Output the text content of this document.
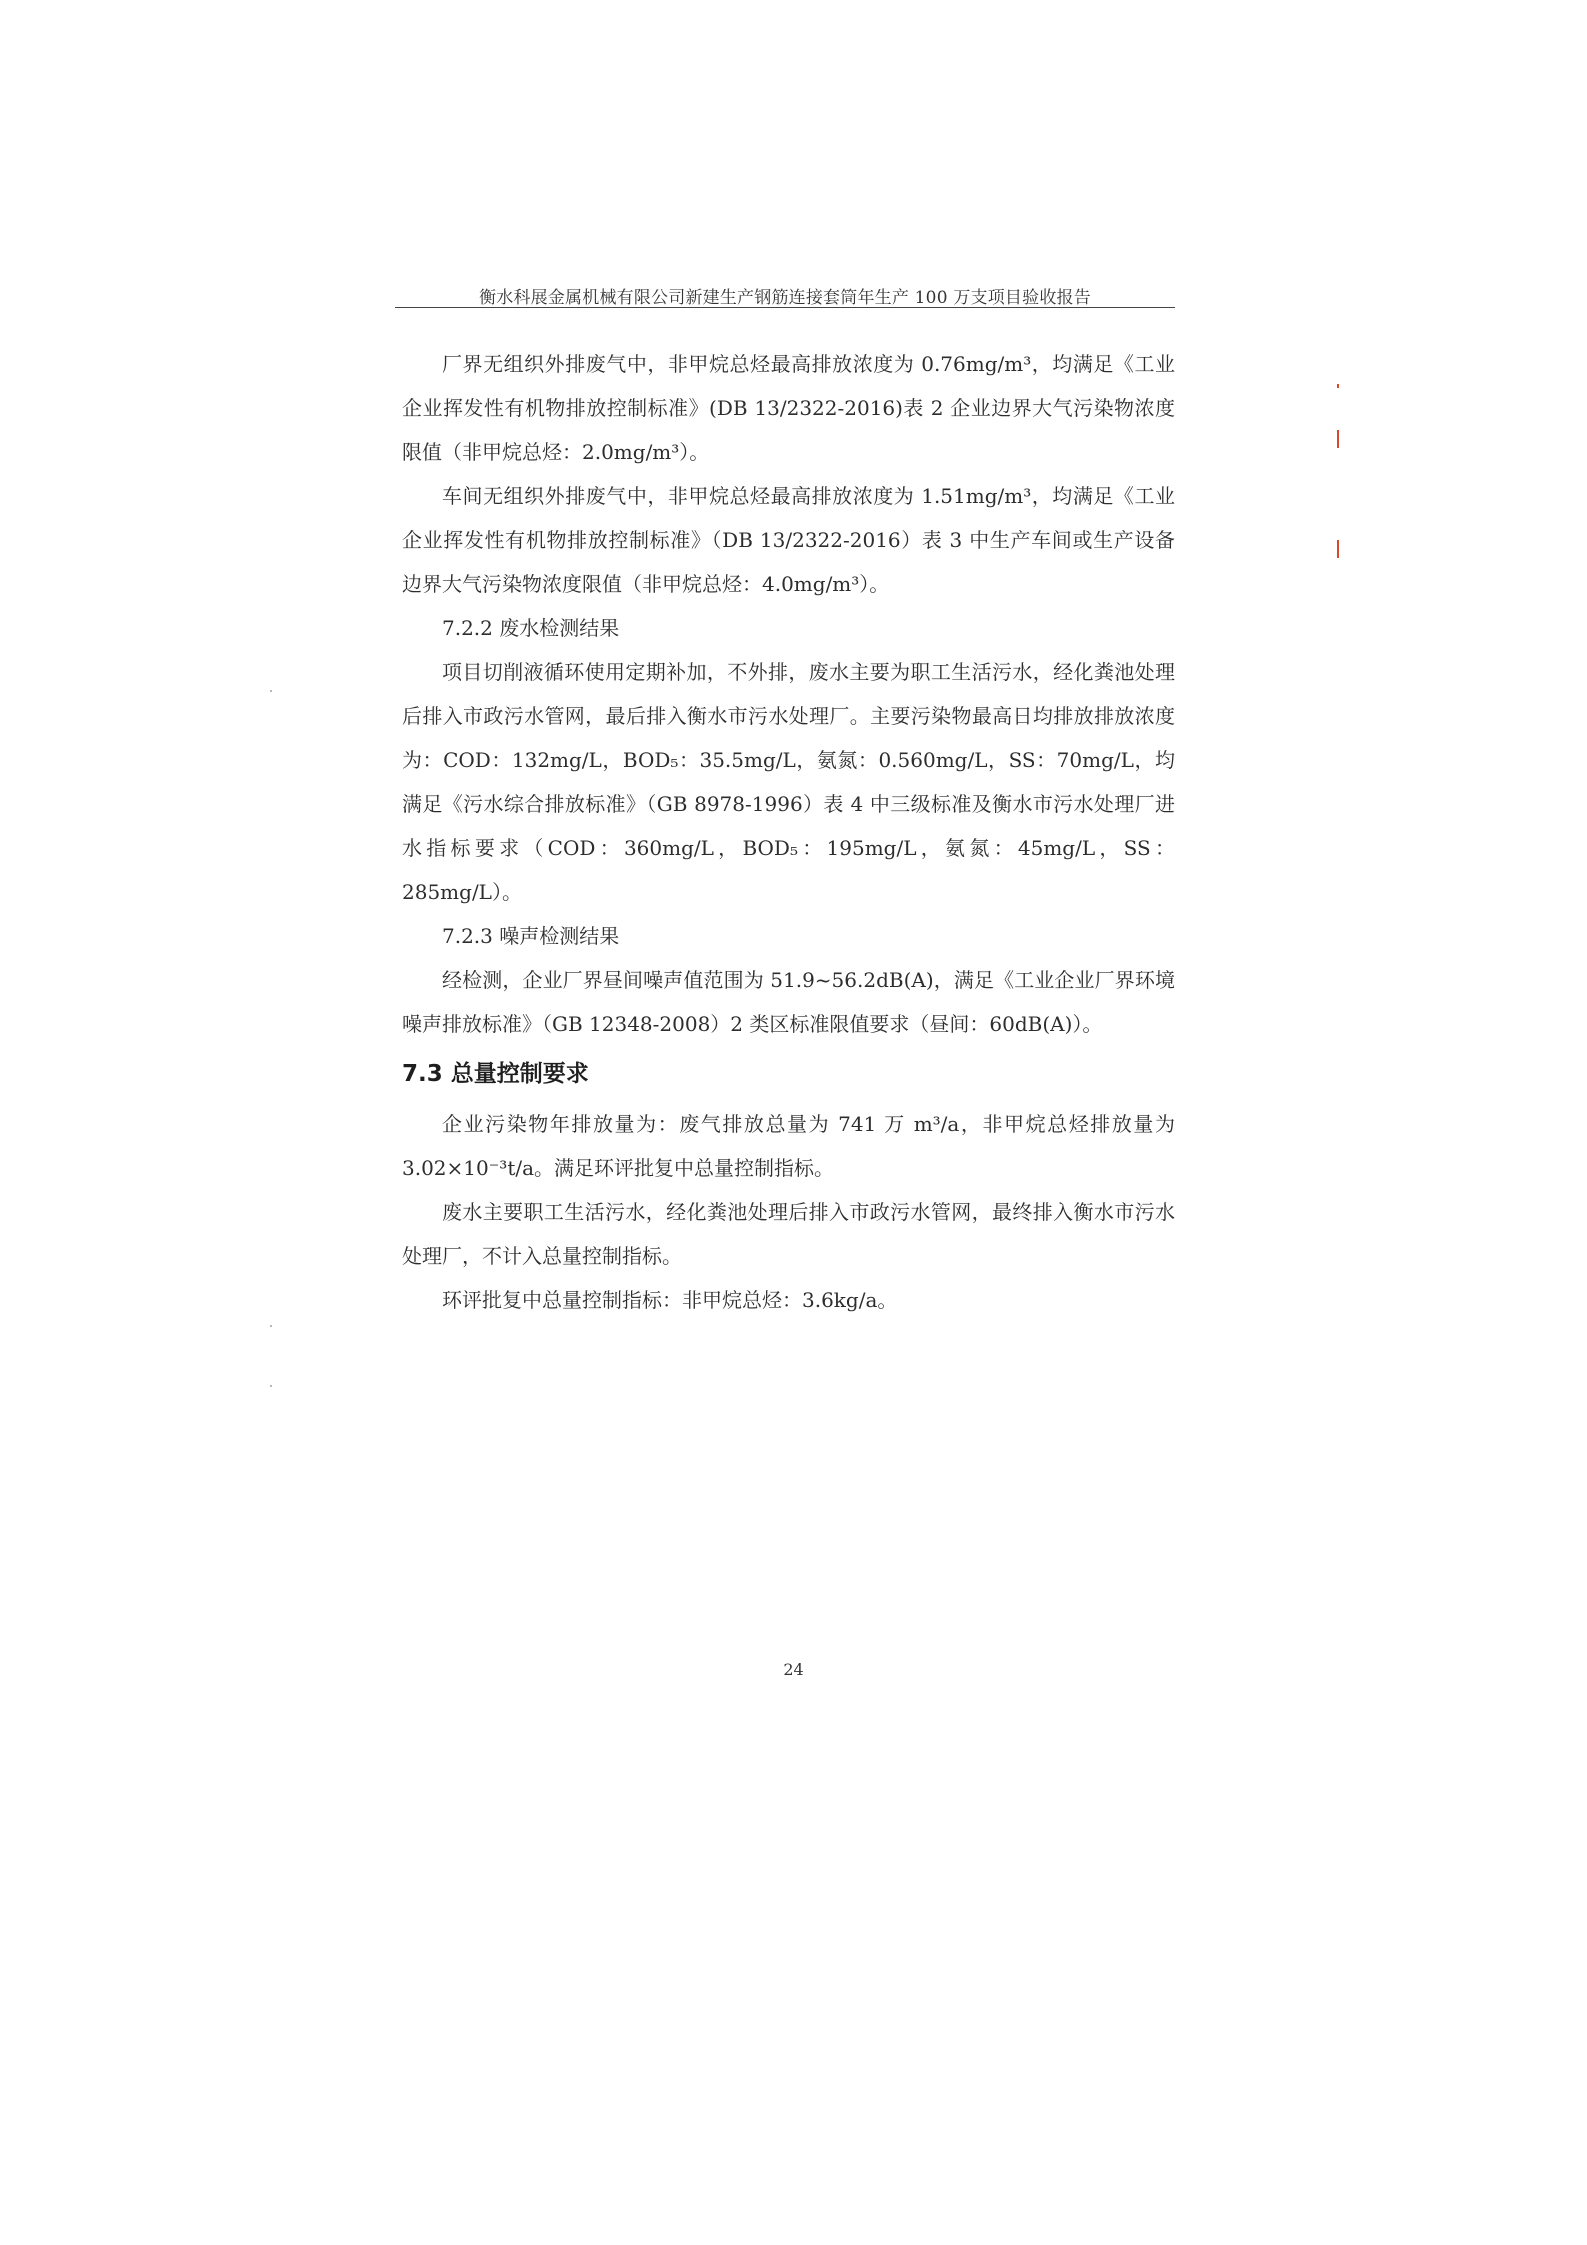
衡水科展金属机械有限公司新建生产钢筋连接套筒年生产 100 万支项目验收报告

厂界无组织外排废气中，非甲烷总烃最高排放浓度为 0.76mg/m³，均满足《工业企业挥发性有机物排放控制标准》(DB 13/2322-2016)表 2 企业边界大气污染物浓度限值（非甲烷总烃：2.0mg/m³）。

车间无组织外排废气中，非甲烷总烃最高排放浓度为 1.51mg/m³，均满足《工业企业挥发性有机物排放控制标准》（DB 13/2322-2016）表 3 中生产车间或生产设备边界大气污染物浓度限值（非甲烷总烃：4.0mg/m³）。

7.2.2 废水检测结果

项目切削液循环使用定期补加，不外排，废水主要为职工生活污水，经化粪池处理后排入市政污水管网，最后排入衡水市污水处理厂。主要污染物最高日均排放排放浓度为：COD：132mg/L，BOD₅：35.5mg/L，氨氮：0.560mg/L，SS：70mg/L，均满足《污水综合排放标准》（GB 8978-1996）表 4 中三级标准及衡水市污水处理厂进水指标要求（COD：360mg/L，BOD₅：195mg/L，氨氮：45mg/L，SS：285mg/L）。

7.2.3 噪声检测结果

经检测，企业厂界昼间噪声值范围为 51.9~56.2dB(A)，满足《工业企业厂界环境噪声排放标准》（GB 12348-2008）2 类区标准限值要求（昼间：60dB(A)）。

7.3 总量控制要求

企业污染物年排放量为：废气排放总量为 741 万 m³/a，非甲烷总烃排放量为 3.02×10⁻³t/a。满足环评批复中总量控制指标。

废水主要职工生活污水，经化粪池处理后排入市政污水管网，最终排入衡水市污水处理厂，不计入总量控制指标。

环评批复中总量控制指标：非甲烷总烃：3.6kg/a。

24
